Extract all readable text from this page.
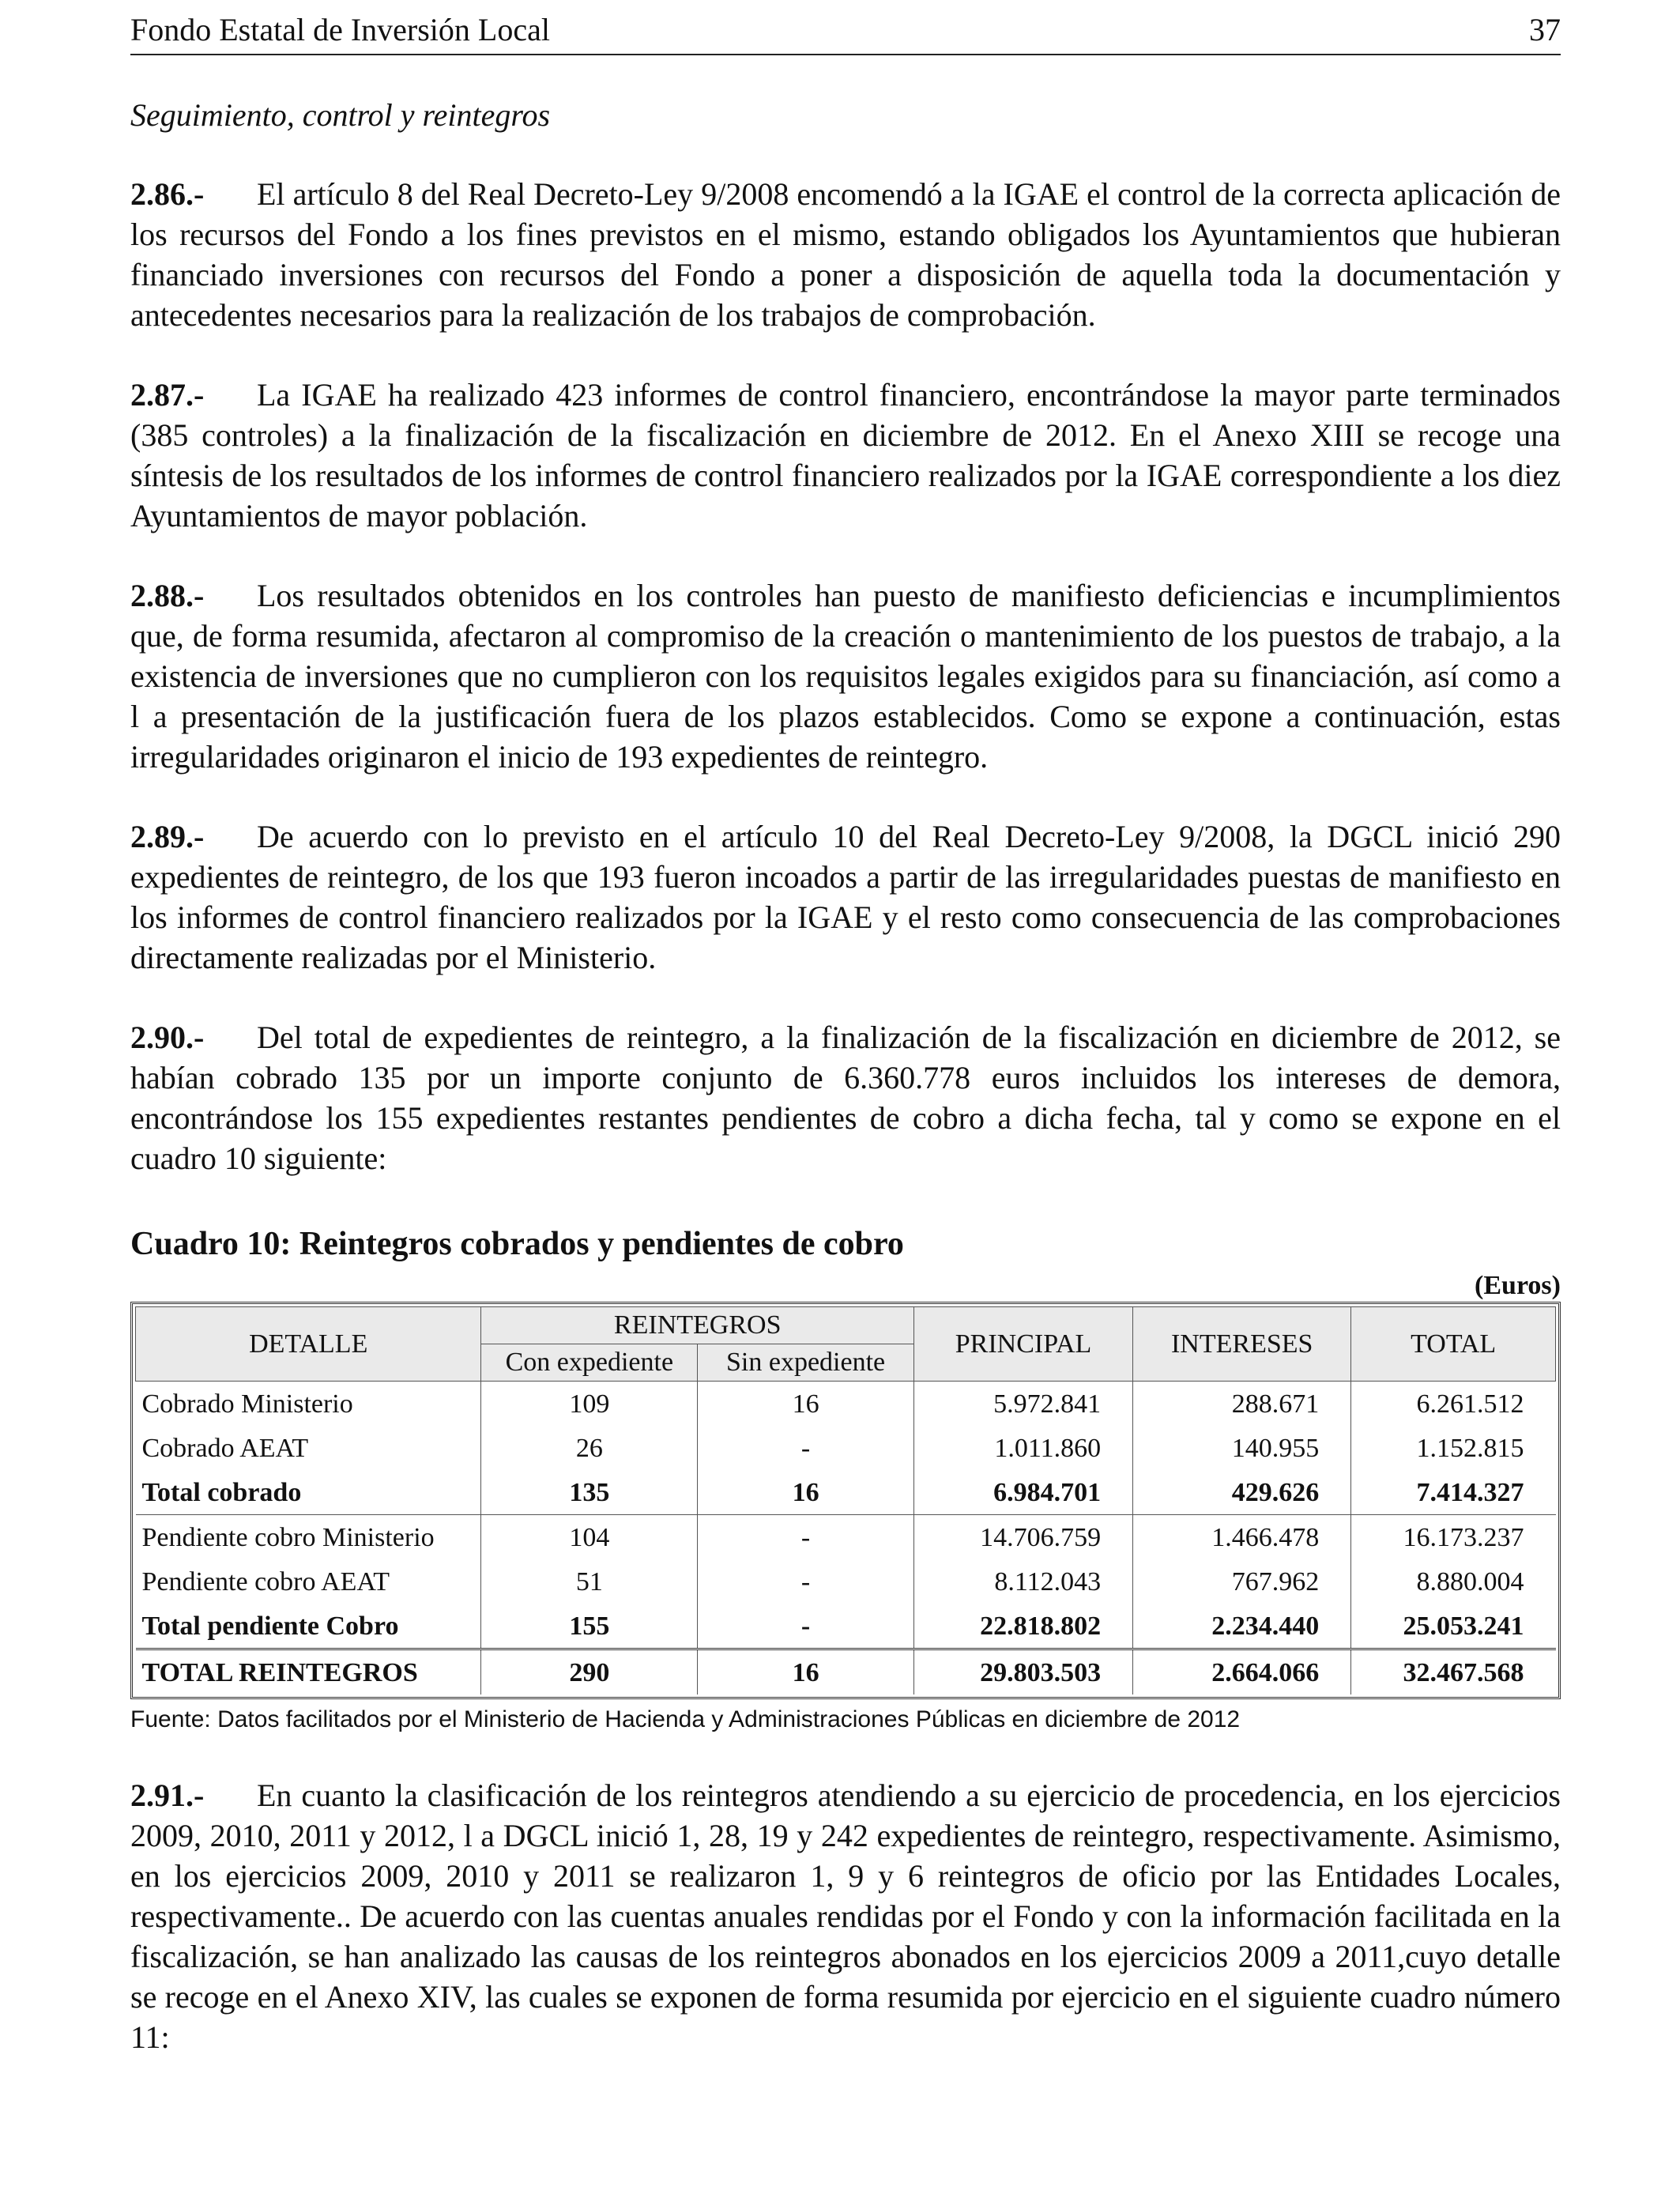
Fondo Estatal de Inversión Local	37
Seguimiento, control y reintegros
2.86.- El artículo 8 del Real Decreto-Ley 9/2008 encomendó a la IGAE el control de la correcta aplicación de los recursos del Fondo a los fines previstos en el mismo, estando obligados los Ayuntamientos que hubieran financiado inversiones con recursos del Fondo a poner a disposición de aquella toda la documentación y antecedentes necesarios para la realización de los trabajos de comprobación.
2.87.- La IGAE ha realizado 423 informes de control financiero, encontrándose la mayor parte terminados (385 controles) a la finalización de la fiscalización en diciembre de 2012. En el Anexo XIII se recoge una síntesis de los resultados de los informes de control financiero realizados por la IGAE correspondiente a los diez Ayuntamientos de mayor población.
2.88.- Los resultados obtenidos en los controles han puesto de manifiesto deficiencias e incumplimientos que, de forma resumida, afectaron al compromiso de la creación o mantenimiento de los puestos de trabajo, a la existencia de inversiones que no cumplieron con los requisitos legales exigidos para su financiación, así como a l a presentación de la justificación fuera de los plazos establecidos. Como se expone a continuación, estas irregularidades originaron el inicio de 193 expedientes de reintegro.
2.89.- De acuerdo con lo previsto en el artículo 10 del Real Decreto-Ley 9/2008, la DGCL inició 290 expedientes de reintegro, de los que 193 fueron incoados a partir de las irregularidades puestas de manifiesto en los informes de control financiero realizados por la IGAE y el resto como consecuencia de las comprobaciones directamente realizadas por el Ministerio.
2.90.- Del total de expedientes de reintegro, a la finalización de la fiscalización en diciembre de 2012, se habían cobrado 135 por un importe conjunto de 6.360.778 euros incluidos los intereses de demora, encontrándose los 155 expedientes restantes pendientes de cobro a dicha fecha, tal y como se expone en el cuadro 10 siguiente:
Cuadro 10: Reintegros cobrados y pendientes de cobro
(Euros)
DETALLE	REINTEGROS		PRINCIPAL	INTERESES	TOTAL
	Con expediente	Sin expediente			
Cobrado Ministerio	109	16	5.972.841	288.671	6.261.512
Cobrado AEAT	26	-	1.011.860	140.955	1.152.815
Total cobrado	135	16	6.984.701	429.626	7.414.327
Pendiente cobro Ministerio	104	-	14.706.759	1.466.478	16.173.237
Pendiente cobro AEAT	51	-	8.112.043	767.962	8.880.004
Total pendiente Cobro	155	-	22.818.802	2.234.440	25.053.241
TOTAL REINTEGROS	290	16	29.803.503	2.664.066	32.467.568
Fuente: Datos facilitados por el Ministerio de Hacienda y Administraciones Públicas en diciembre de 2012
2.91.- En cuanto la clasificación de los reintegros atendiendo a su ejercicio de procedencia, en los ejercicios 2009, 2010, 2011 y 2012, l a DGCL inició 1, 28, 19 y 242 expedientes de reintegro, respectivamente. Asimismo, en los ejercicios 2009, 2010 y 2011 se realizaron 1, 9 y 6 reintegros de oficio por las Entidades Locales, respectivamente.. De acuerdo con las cuentas anuales rendidas por el Fondo y con la información facilitada en la fiscalización, se han analizado las causas de los reintegros abonados en los ejercicios 2009 a 2011,cuyo detalle se recoge en el Anexo XIV, las cuales se exponen de forma resumida por ejercicio en el siguiente cuadro número 11:
